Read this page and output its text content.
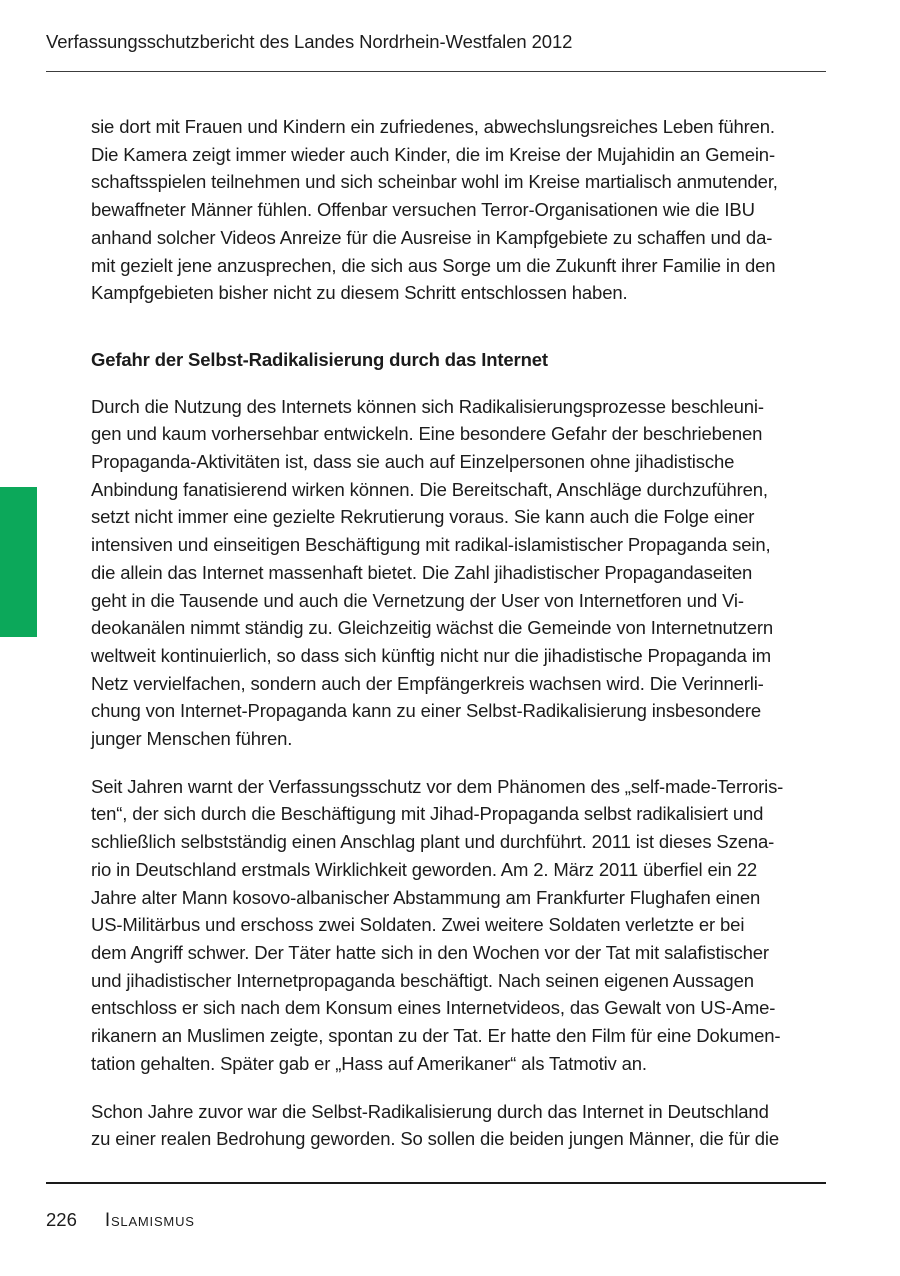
Verfassungsschutzbericht des Landes Nordrhein-Westfalen 2012
sie dort mit Frauen und Kindern ein zufriedenes, abwechslungsreiches Leben führen.
Die Kamera zeigt immer wieder auch Kinder, die im Kreise der Mujahidin an Gemein-
schaftsspielen teilnehmen und sich scheinbar wohl im Kreise martialisch anmutender,
bewaffneter Männer fühlen. Offenbar versuchen Terror-Organisationen wie die IBU
anhand solcher Videos Anreize für die Ausreise in Kampfgebiete zu schaffen und da-
mit gezielt jene anzusprechen, die sich aus Sorge um die Zukunft ihrer Familie in den
Kampfgebieten bisher nicht zu diesem Schritt entschlossen haben.
Gefahr der Selbst-Radikalisierung durch das Internet
Durch die Nutzung des Internets können sich Radikalisierungsprozesse beschleuni-
gen und kaum vorhersehbar entwickeln. Eine besondere Gefahr der beschriebenen
Propaganda-Aktivitäten ist, dass sie auch auf Einzelpersonen ohne jihadistische
Anbindung fanatisierend wirken können. Die Bereitschaft, Anschläge durchzuführen,
setzt nicht immer eine gezielte Rekrutierung voraus. Sie kann auch die Folge einer
intensiven und einseitigen Beschäftigung mit radikal-islamistischer Propaganda sein,
die allein das Internet massenhaft bietet. Die Zahl jihadistischer Propagandaseiten
geht in die Tausende und auch die Vernetzung der User von Internetforen und Vi-
deokanälen nimmt ständig zu. Gleichzeitig wächst die Gemeinde von Internetnutzern
weltweit kontinuierlich, so dass sich künftig nicht nur die jihadistische Propaganda im
Netz vervielfachen, sondern auch der Empfängerkreis wachsen wird. Die Verinnerli-
chung von Internet-Propaganda kann zu einer Selbst-Radikalisierung insbesondere
junger Menschen führen.
Seit Jahren warnt der Verfassungsschutz vor dem Phänomen des „self-made-Terroris-
ten“, der sich durch die Beschäftigung mit Jihad-Propaganda selbst radikalisiert und
schließlich selbstständig einen Anschlag plant und durchführt. 2011 ist dieses Szena-
rio in Deutschland erstmals Wirklichkeit geworden. Am 2. März 2011 überfiel ein 22
Jahre alter Mann kosovo-albanischer Abstammung am Frankfurter Flughafen einen
US-Militärbus und erschoss zwei Soldaten. Zwei weitere Soldaten verletzte er bei
dem Angriff schwer. Der Täter hatte sich in den Wochen vor der Tat mit salafistischer
und jihadistischer Internetpropaganda beschäftigt. Nach seinen eigenen Aussagen
entschloss er sich nach dem Konsum eines Internetvideos, das Gewalt von US-Ame-
rikanern an Muslimen zeigte, spontan zu der Tat. Er hatte den Film für eine Dokumen-
tation gehalten. Später gab er „Hass auf Amerikaner“ als Tatmotiv an.
Schon Jahre zuvor war die Selbst-Radikalisierung durch das Internet in Deutschland
zu einer realen Bedrohung geworden. So sollen die beiden jungen Männer, die für die
226 Islamismus
